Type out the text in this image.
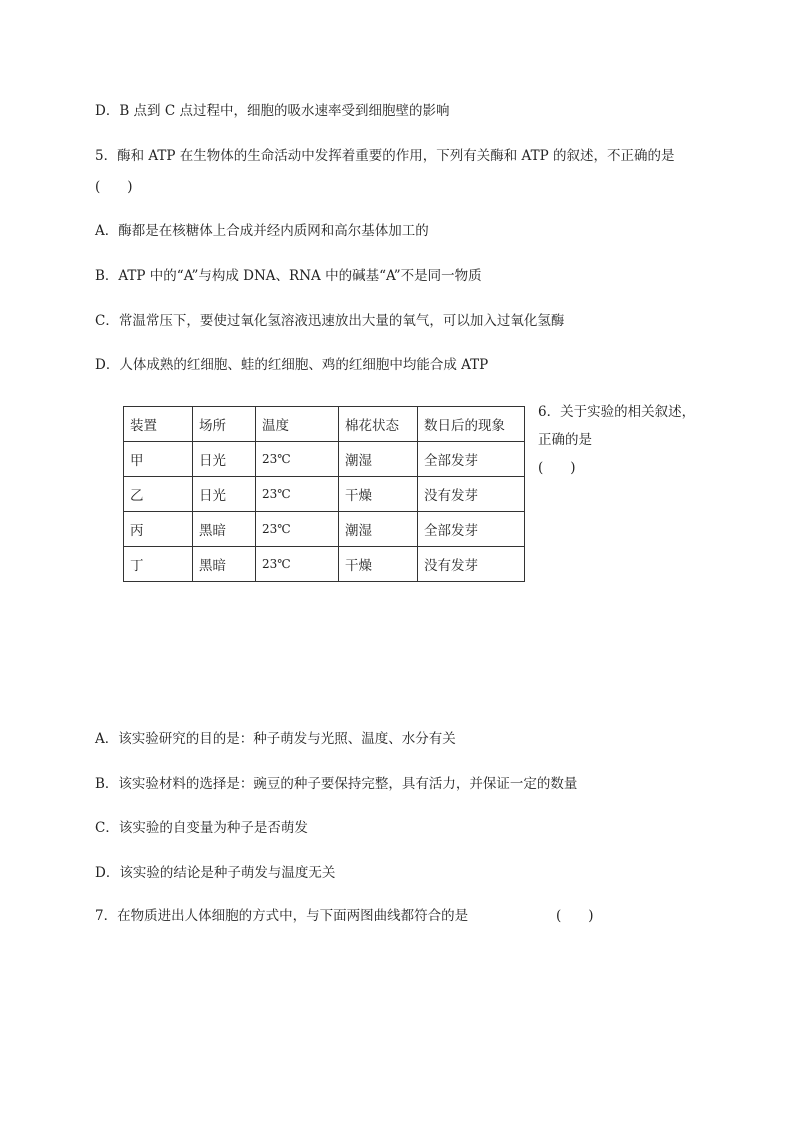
D．B 点到 C 点过程中，细胞的吸水速率受到细胞壁的影响
5．酶和 ATP 在生物体的生命活动中发挥着重要的作用，下列有关酶和 ATP 的叙述，不正确的是
(　　)
A．酶都是在核糖体上合成并经内质网和高尔基体加工的
B．ATP 中的“A”与构成 DNA、RNA 中的碱基“A”不是同一物质
C．常温常压下，要使过氧化氢溶液迅速放出大量的氧气，可以加入过氧化氢酶
D．人体成熟的红细胞、蛙的红细胞、鸡的红细胞中均能合成 ATP
装置	场所	温度	棉花状态	数日后的现象
甲	日光	23℃	潮湿	全部发芽
乙	日光	23℃	干燥	没有发芽
丙	黑暗	23℃	潮湿	全部发芽
丁	黑暗	23℃	干燥	没有发芽
6．关于实验的相关叙述，
正确的是
(　　)
A．该实验研究的目的是：种子萌发与光照、温度、水分有关
B．该实验材料的选择是：豌豆的种子要保持完整，具有活力，并保证一定的数量
C．该实验的自变量为种子是否萌发
D．该实验的结论是种子萌发与温度无关
7．在物质进出人体细胞的方式中，与下面两图曲线都符合的是	(　　)
